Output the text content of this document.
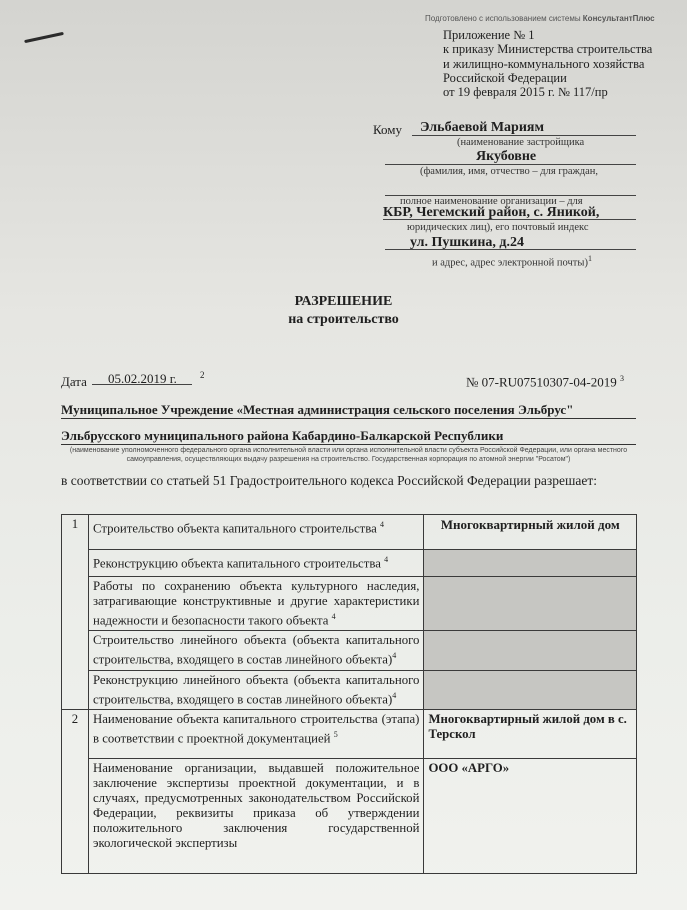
Подготовлено с использованием системы КонсультантПлюс
Приложение № 1
к приказу Министерства строительства
и жилищно-коммунального хозяйства
Российской Федерации
от 19 февраля 2015 г. № 117/пр
Кому Эльбаевой Мариям
(наименование застройщика
Якубовне
(фамилия, имя, отчество – для граждан,
полное наименование организации – для
КБР, Чегемский район, с. Яникой,
юридических лиц), его почтовый индекс
ул. Пушкина, д.24
и адрес, адрес электронной почты)$^1$
РАЗРЕШЕНИЕ
на строительство
Дата 05.02.2019 г.	2	№ 07-RU07510307-04-2019 $^3$
Муниципальное Учреждение «Местная администрация сельского поселения Эльбрус"
Эльбрусского муниципального района Кабардино-Балкарской Республики
(наименование уполномоченного федерального органа исполнительной власти или органа исполнительной власти субъекта Российской Федерации, или органа местного самоуправления, осуществляющих выдачу разрешения на строительство. Государственная корпорация по атомной энергии "Росатом")
в соответствии со статьей 51 Градостроительного кодекса Российской Федерации разрешает:
1	Строительство объекта капитального строительства $^4$	Многоквартирный жилой дом
	Реконструкцию объекта капитального строительства $^4$	
	Работы по сохранению объекта культурного наследия, затрагивающие конструктивные и другие характеристики надежности и безопасности такого объекта $^4$	
	Строительство линейного объекта (объекта капитального строительства, входящего в состав линейного объекта)$^4$	
	Реконструкцию линейного объекта (объекта капитального строительства, входящего в состав линейного объекта)$^4$	
2	Наименование объекта капитального строительства (этапа) в соответствии с проектной документацией $^5$	Многоквартирный жилой дом в с. Терскол
	Наименование организации, выдавшей положительное заключение экспертизы проектной документации, и в случаях, предусмотренных законодательством Российской Федерации, реквизиты приказа об утверждении положительного заключения государственной экологической экспертизы	ООО «АРГО»
